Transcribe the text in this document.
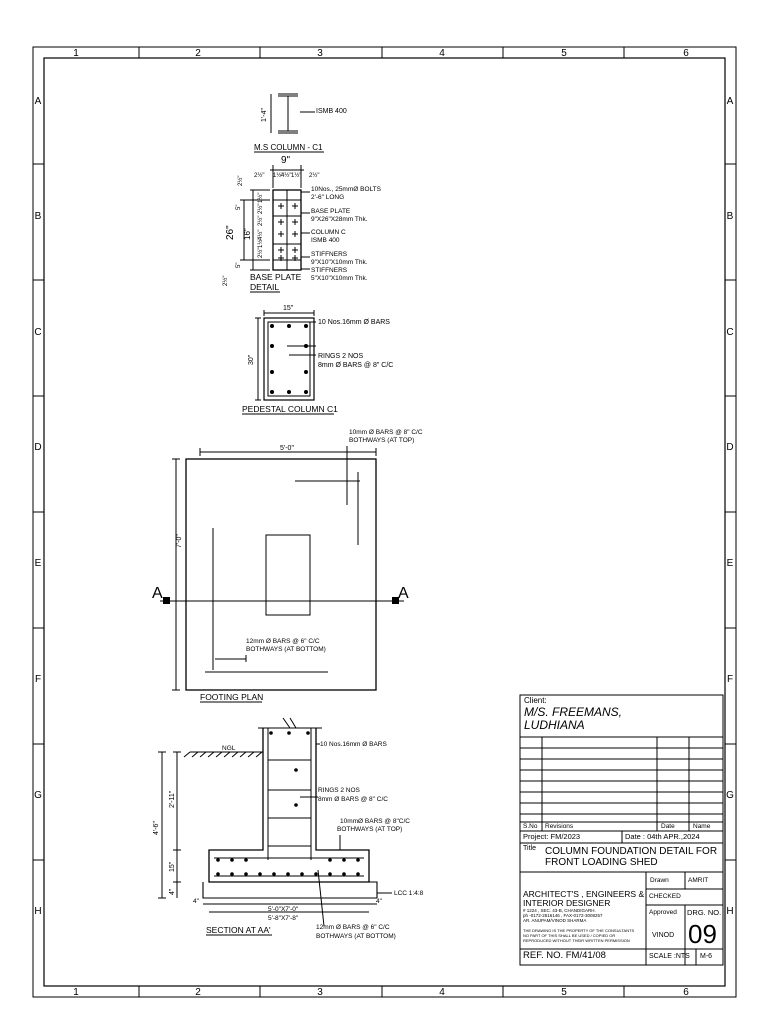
1	2	3	4	5	6
1	2	3	4	5	6
A
B
C
D
E
F
G
H
A
B
C
D
E
F
G
H
ISMB 400
1'-4"
M.S COLUMN - C1
9"
2½" 1½"
4½" 1½" 2½"
2½"
5"
1½"
2½"
2½"
4½"
1½"
2½"
5"
26" 16"
2½"
10Nos., 25mmØ BOLTS
2'-6" LONG
BASE PLATE
9"X26"X28mm Thk.
COLUMN C
ISMB 400
STIFFNERS
9"X10"X10mm Thk.
STIFFNERS
5"X10"X10mm Thk.
BASE PLATE
DETAIL
15"
30"
10 Nos.16mm Ø BARS
RINGS 2 NOS
8mm Ø BARS @ 8" C/C
PEDESTAL COLUMN C1
A	A
5'-0"
7'-0"
10mm Ø BARS @ 8" C/C
BOTHWAYS (AT TOP)
12mm Ø BARS @ 6" C/C
BOTHWAYS (AT BOTTOM)
FOOTING PLAN
NGL
10 Nos.16mm Ø BARS
RINGS 2 NOS
8mm Ø BARS @ 8" C/C
10mmØ BARS @ 8"C/C
BOTHWAYS (AT TOP)
LCC 1:4:8
4'-6"
2'-11"
15"
4"
4"	4"
5'-0"X7'-0"
5'-8"X7'-8"
12mm Ø BARS @ 6" C/C
BOTHWAYS (AT BOTTOM)
SECTION AT AA'
Client:
M/S. FREEMANS,
LUDHIANA
S.No Revisions	Date	Name
Project: FM/2023	Date : 04th APR.,2024
Title COLUMN FOUNDATION DETAIL FOR
FRONT LOADING SHED
ARCHITECT'S , ENGINEERS &
INTERIOR DESIGNER
# 1224 , SEC. 43-B, CHANDIGARH.
ph -0172-2616146 , FAX-0172-3008257
AR. ANUPAM/VINOD SHARMA
THE DRAWING IS THE PROPERTY OF THE CONSULTANTS
NO PART OF THIS SHALL BE USED / COPIED OR
REPRODUCED WITHOUT THEIR WRITTEN PERMISSION
REF. NO. FM/41/08
Drawn	AMRIT
CHECKED
Approved
VINOD
DRG. NO.
09
SCALE :NTS M-6
